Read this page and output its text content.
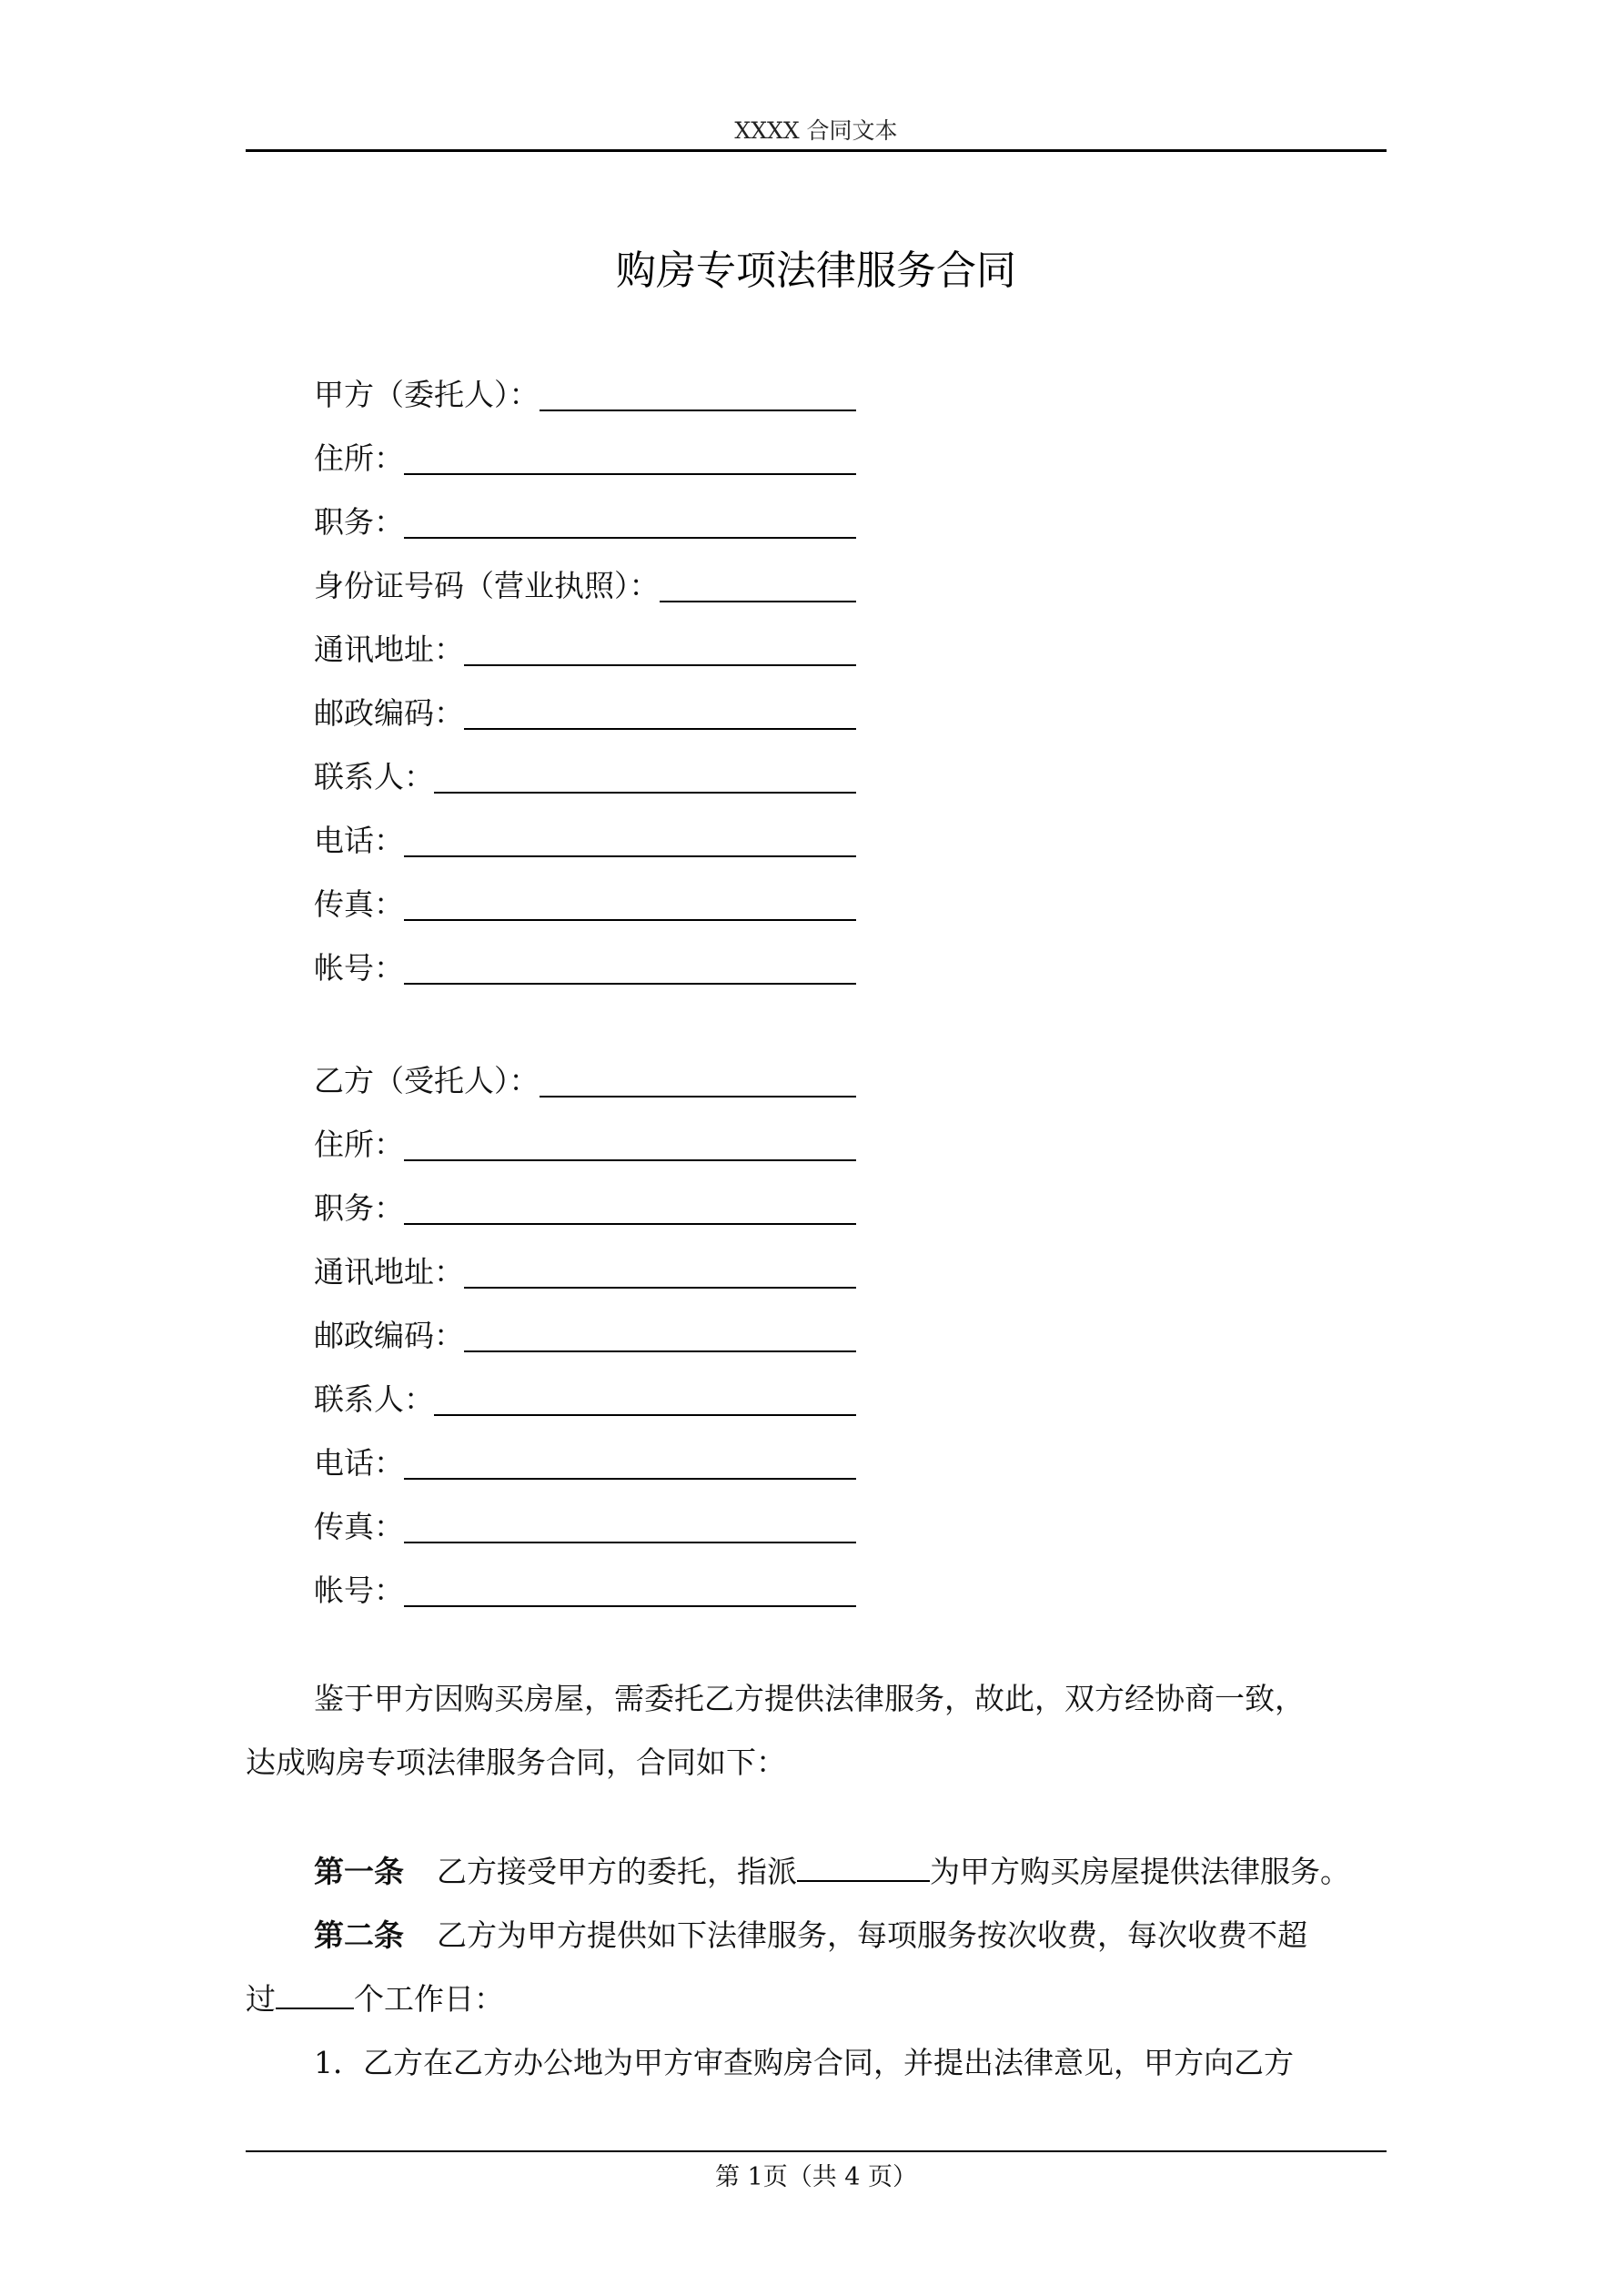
XXXX 合同文本
购房专项法律服务合同
甲方（委托人）：
住所：
职务：
身份证号码（营业执照）：
通讯地址：
邮政编码：
联系人：
电话：
传真：
帐号：
乙方（受托人）：
住所：
职务：
通讯地址：
邮政编码：
联系人：
电话：
传真：
帐号：
鉴于甲方因购买房屋，需委托乙方提供法律服务，故此，双方经协商一致，
达成购房专项法律服务合同，合同如下：
第一条 乙方接受甲方的委托，指派	为甲方购买房屋提供法律服务。
第二条 乙方为甲方提供如下法律服务，每项服务按次收费，每次收费不超
过	个工作日：
1．乙方在乙方办公地为甲方审查购房合同，并提出法律意见，甲方向乙方
第 1页（共 4 页）
